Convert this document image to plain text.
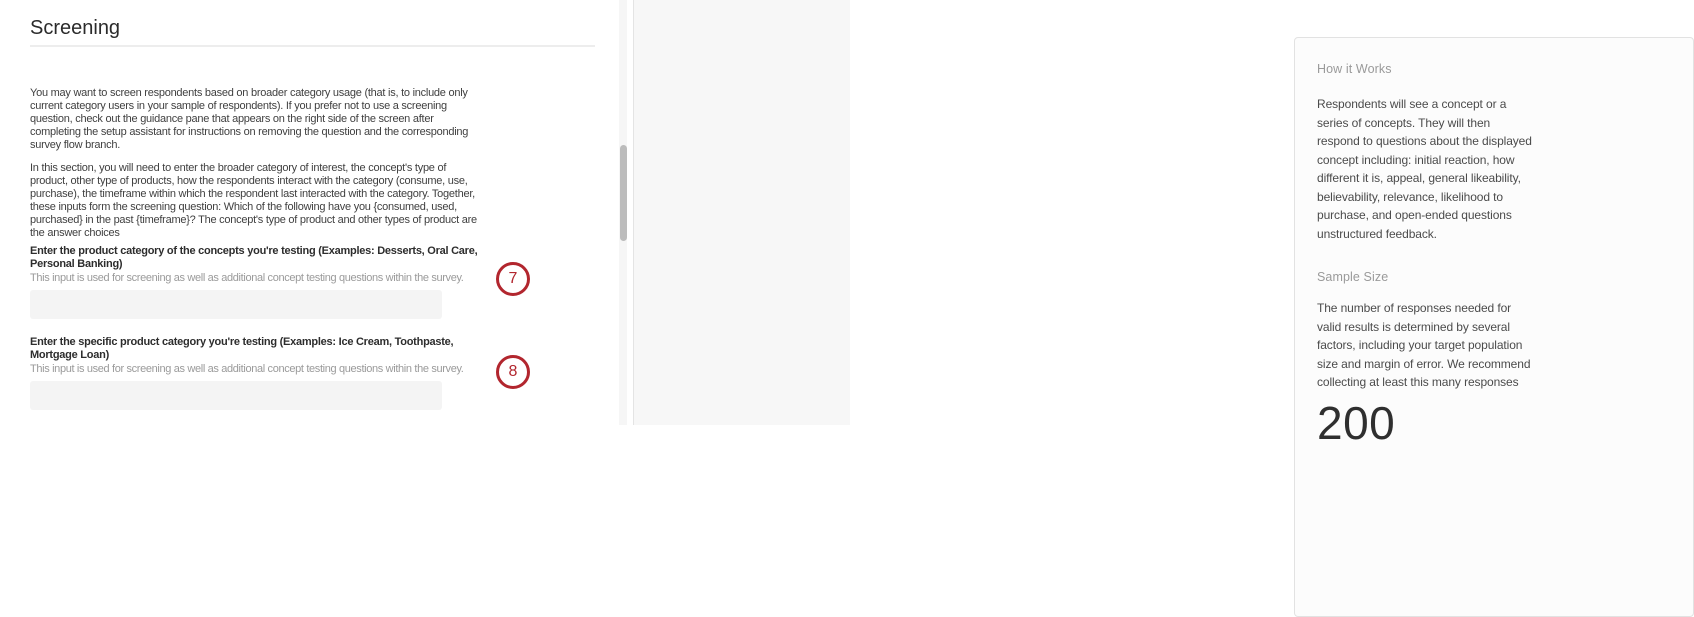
Screening
You may want to screen respondents based on broader category usage (that is, to include only
current category users in your sample of respondents). If you prefer not to use a screening
question, check out the guidance pane that appears on the right side of the screen after
completing the setup assistant for instructions on removing the question and the corresponding
survey flow branch.
In this section, you will need to enter the broader category of interest, the concept's type of
product, other type of products, how the respondents interact with the category (consume, use,
purchase), the timeframe within which the respondent last interacted with the category. Together,
these inputs form the screening question: Which of the following have you {consumed, used,
purchased} in the past {timeframe}? The concept's type of product and other types of product are
the answer choices
Enter the product category of the concepts you're testing (Examples: Desserts, Oral Care,
Personal Banking)
This input is used for screening as well as additional concept testing questions within the survey.	7
Enter the specific product category you're testing (Examples: Ice Cream, Toothpaste,
Mortgage Loan)
This input is used for screening as well as additional concept testing questions within the survey.	8
How it Works
Respondents will see a concept or a
series of concepts. They will then
respond to questions about the displayed
concept including: initial reaction, how
different it is, appeal, general likeability,
believability, relevance, likelihood to
purchase, and open-ended questions
unstructured feedback.
Sample Size
The number of responses needed for
valid results is determined by several
factors, including your target population
size and margin of error. We recommend
collecting at least this many responses
200
